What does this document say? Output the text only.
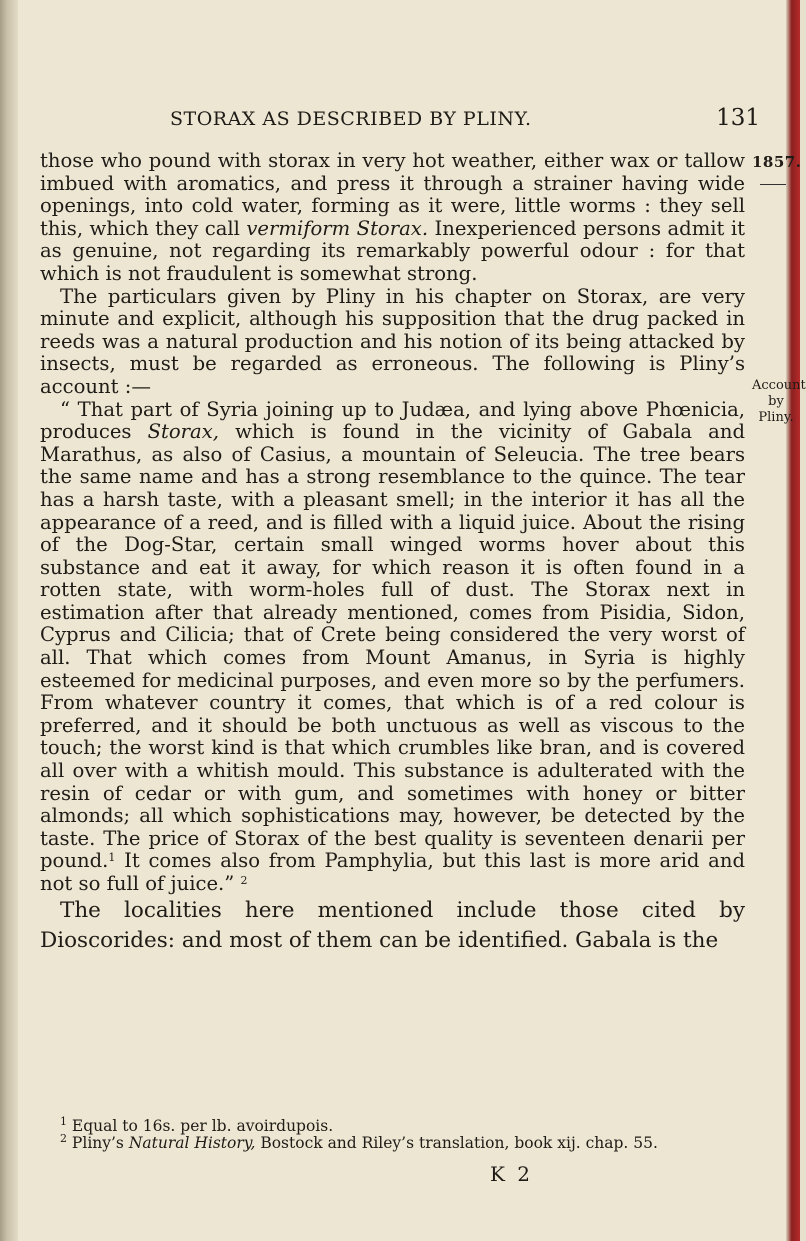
STORAX AS DESCRIBED BY PLINY.	131
1857.
Account by
Pliny.

those who pound with storax in very hot weather, either wax or tallow imbued with aromatics, and press it through a strainer having wide openings, into cold water, forming as it were, little worms : they sell this, which they call vermiform Storax. Inexperienced persons admit it as genuine, not regarding its remarkably powerful odour : for that which is not fraudulent is somewhat strong.

The particulars given by Pliny in his chapter on Storax, are very minute and explicit, although his supposition that the drug packed in reeds was a natural production and his notion of its being attacked by insects, must be regarded as erroneous. The following is Pliny’s account :—

“ That part of Syria joining up to Judæa, and lying above Phœnicia, produces Storax, which is found in the vicinity of Gabala and Marathus, as also of Casius, a mountain of Seleucia. The tree bears the same name and has a strong resemblance to the quince. The tear has a harsh taste, with a pleasant smell; in the interior it has all the appearance of a reed, and is filled with a liquid juice. About the rising of the Dog-Star, certain small winged worms hover about this substance and eat it away, for which reason it is often found in a rotten state, with worm-holes full of dust. The Storax next in estimation after that already mentioned, comes from Pisidia, Sidon, Cyprus and Cilicia; that of Crete being considered the very worst of all. That which comes from Mount Amanus, in Syria is highly esteemed for medicinal purposes, and even more so by the perfumers. From whatever country it comes, that which is of a red colour is preferred, and it should be both unctuous as well as viscous to the touch; the worst kind is that which crumbles like bran, and is covered all over with a whitish mould. This substance is adulterated with the resin of cedar or with gum, and sometimes with honey or bitter almonds; all which sophistications may, however, be detected by the taste. The price of Storax of the best quality is seventeen denarii per pound.$^1$ It comes also from Pamphylia, but this last is more arid and not so full of juice.” $^2$

The localities here mentioned include those cited by Dioscorides: and most of them can be identified. Gabala is the

$^1$ Equal to 16s. per lb. avoirdupois.

$^2$ Pliny’s Natural History, Bostock and Riley’s translation, book xij. chap. 55.

K 2
